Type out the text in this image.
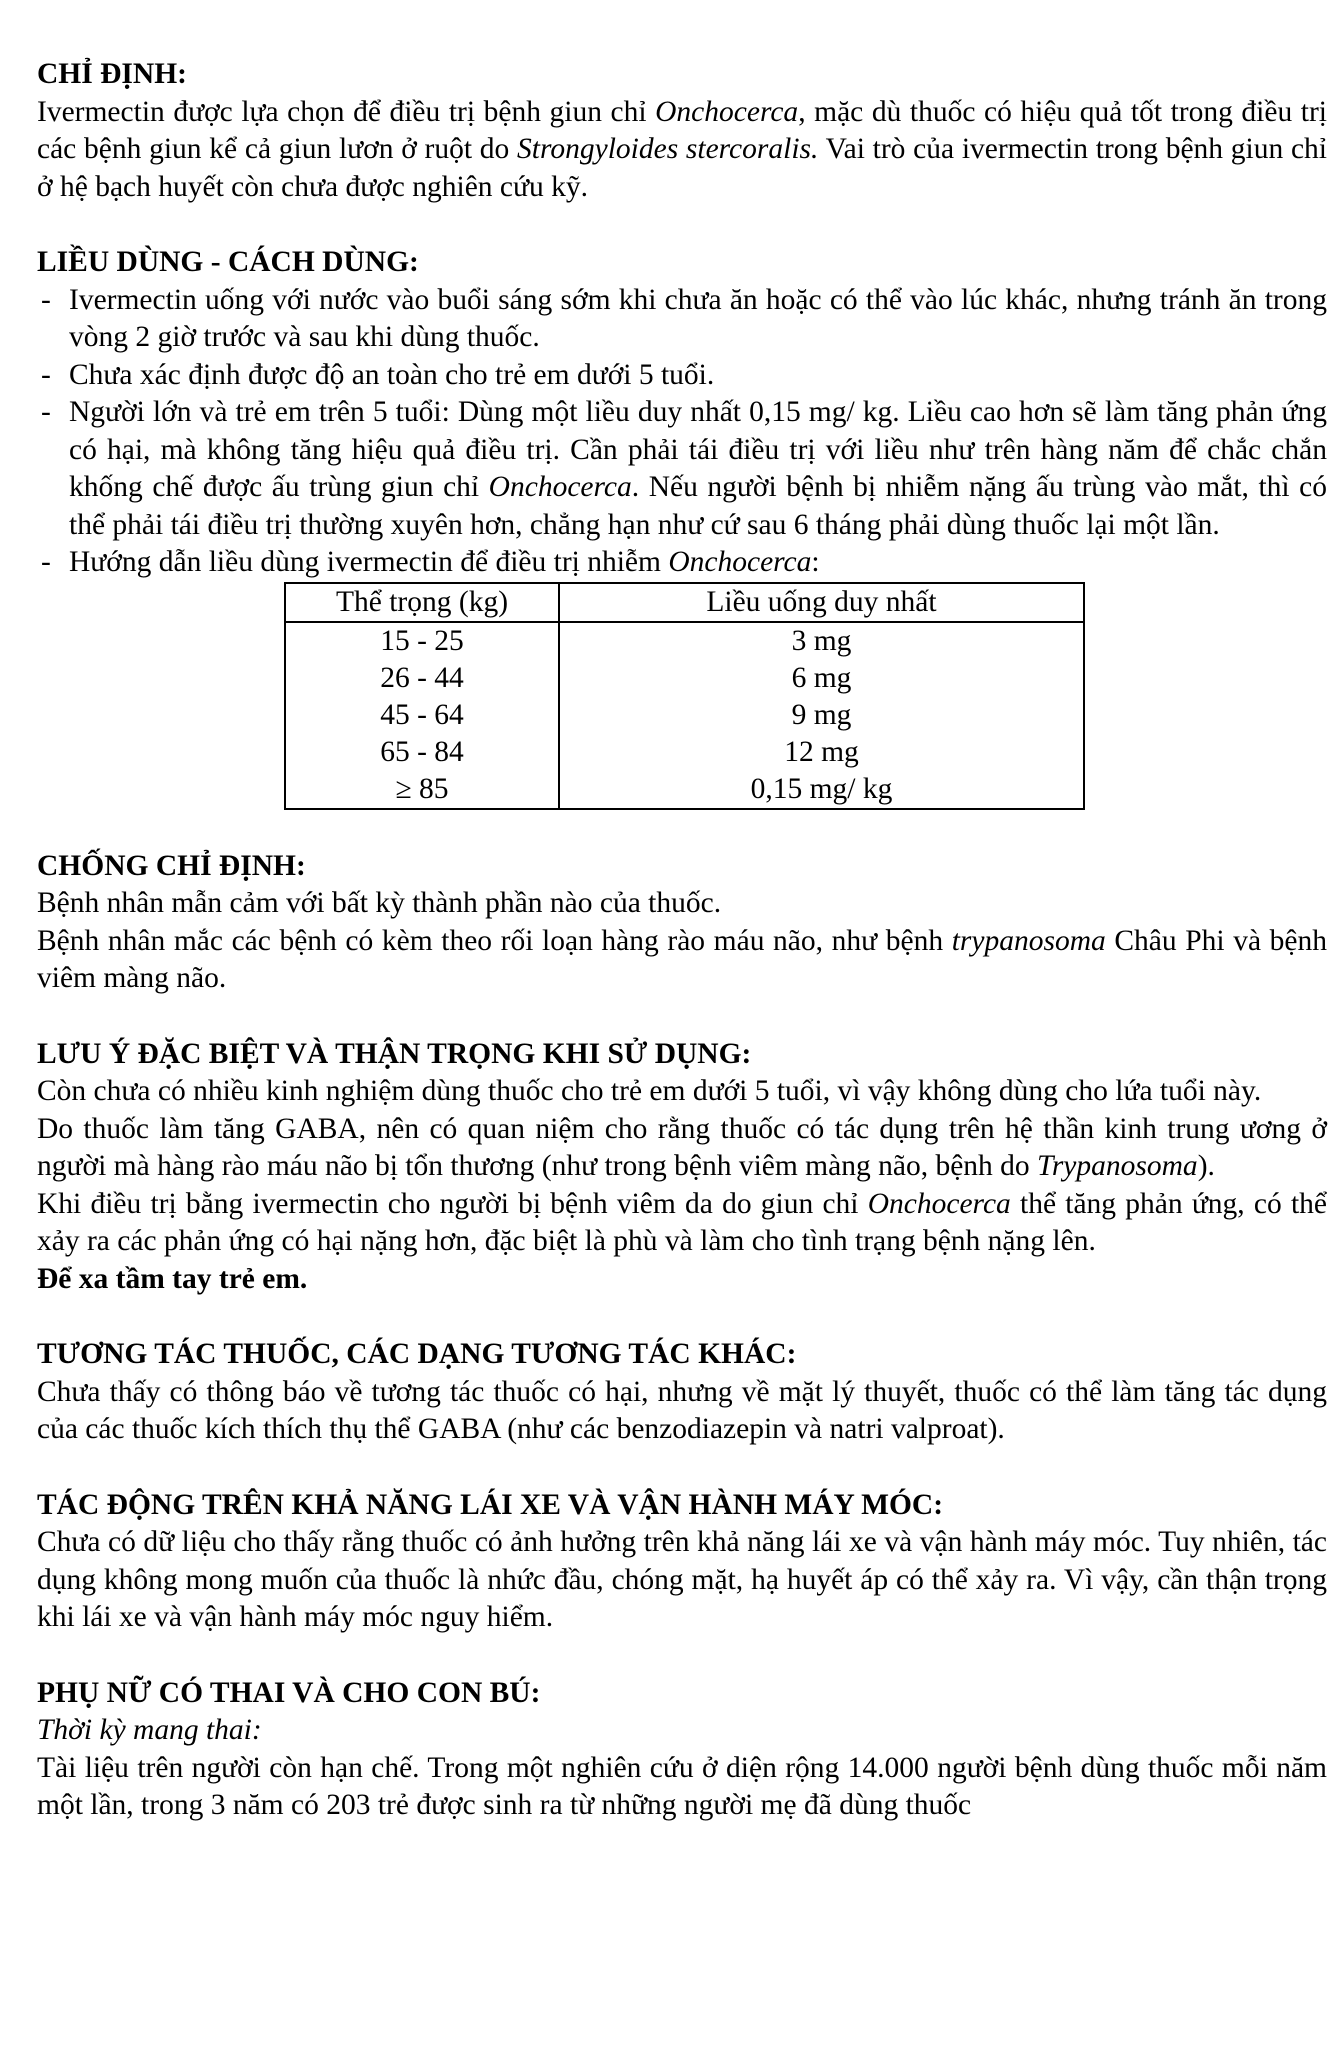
CHỈ ĐỊNH:

Ivermectin được lựa chọn để điều trị bệnh giun chỉ Onchocerca, mặc dù thuốc có hiệu quả tốt trong điều trị các bệnh giun kể cả giun lươn ở ruột do Strongyloides stercoralis. Vai trò của ivermectin trong bệnh giun chỉ ở hệ bạch huyết còn chưa được nghiên cứu kỹ.

LIỀU DÙNG - CÁCH DÙNG:
- Ivermectin uống với nước vào buổi sáng sớm khi chưa ăn hoặc có thể vào lúc khác, nhưng tránh ăn trong vòng 2 giờ trước và sau khi dùng thuốc.
- Chưa xác định được độ an toàn cho trẻ em dưới 5 tuổi.
- Người lớn và trẻ em trên 5 tuổi: Dùng một liều duy nhất 0,15 mg/ kg. Liều cao hơn sẽ làm tăng phản ứng có hại, mà không tăng hiệu quả điều trị. Cần phải tái điều trị với liều như trên hàng năm để chắc chắn khống chế được ấu trùng giun chỉ Onchocerca. Nếu người bệnh bị nhiễm nặng ấu trùng vào mắt, thì có thể phải tái điều trị thường xuyên hơn, chẳng hạn như cứ sau 6 tháng phải dùng thuốc lại một lần.
- Hướng dẫn liều dùng ivermectin để điều trị nhiễm Onchocerca:
Thể trọng (kg)	Liều uống duy nhất
15 - 25	3 mg
26 - 44	6 mg
45 - 64	9 mg
65 - 84	12 mg
≥ 85	0,15 mg/ kg
CHỐNG CHỈ ĐỊNH:

Bệnh nhân mẫn cảm với bất kỳ thành phần nào của thuốc.

Bệnh nhân mắc các bệnh có kèm theo rối loạn hàng rào máu não, như bệnh trypanosoma Châu Phi và bệnh viêm màng não.

LƯU Ý ĐẶC BIỆT VÀ THẬN TRỌNG KHI SỬ DỤNG:

Còn chưa có nhiều kinh nghiệm dùng thuốc cho trẻ em dưới 5 tuổi, vì vậy không dùng cho lứa tuổi này.

Do thuốc làm tăng GABA, nên có quan niệm cho rằng thuốc có tác dụng trên hệ thần kinh trung ương ở người mà hàng rào máu não bị tổn thương (như trong bệnh viêm màng não, bệnh do Trypanosoma).

Khi điều trị bằng ivermectin cho người bị bệnh viêm da do giun chỉ Onchocerca thể tăng phản ứng, có thể xảy ra các phản ứng có hại nặng hơn, đặc biệt là phù và làm cho tình trạng bệnh nặng lên.

Để xa tầm tay trẻ em.

TƯƠNG TÁC THUỐC, CÁC DẠNG TƯƠNG TÁC KHÁC:

Chưa thấy có thông báo về tương tác thuốc có hại, nhưng về mặt lý thuyết, thuốc có thể làm tăng tác dụng của các thuốc kích thích thụ thể GABA (như các benzodiazepin và natri valproat).

TÁC ĐỘNG TRÊN KHẢ NĂNG LÁI XE VÀ VẬN HÀNH MÁY MÓC:

Chưa có dữ liệu cho thấy rằng thuốc có ảnh hưởng trên khả năng lái xe và vận hành máy móc. Tuy nhiên, tác dụng không mong muốn của thuốc là nhức đầu, chóng mặt, hạ huyết áp có thể xảy ra. Vì vậy, cần thận trọng khi lái xe và vận hành máy móc nguy hiểm.

PHỤ NỮ CÓ THAI VÀ CHO CON BÚ:

Thời kỳ mang thai:

Tài liệu trên người còn hạn chế. Trong một nghiên cứu ở diện rộng 14.000 người bệnh dùng thuốc mỗi năm một lần, trong 3 năm có 203 trẻ được sinh ra từ những người mẹ đã dùng thuốc
